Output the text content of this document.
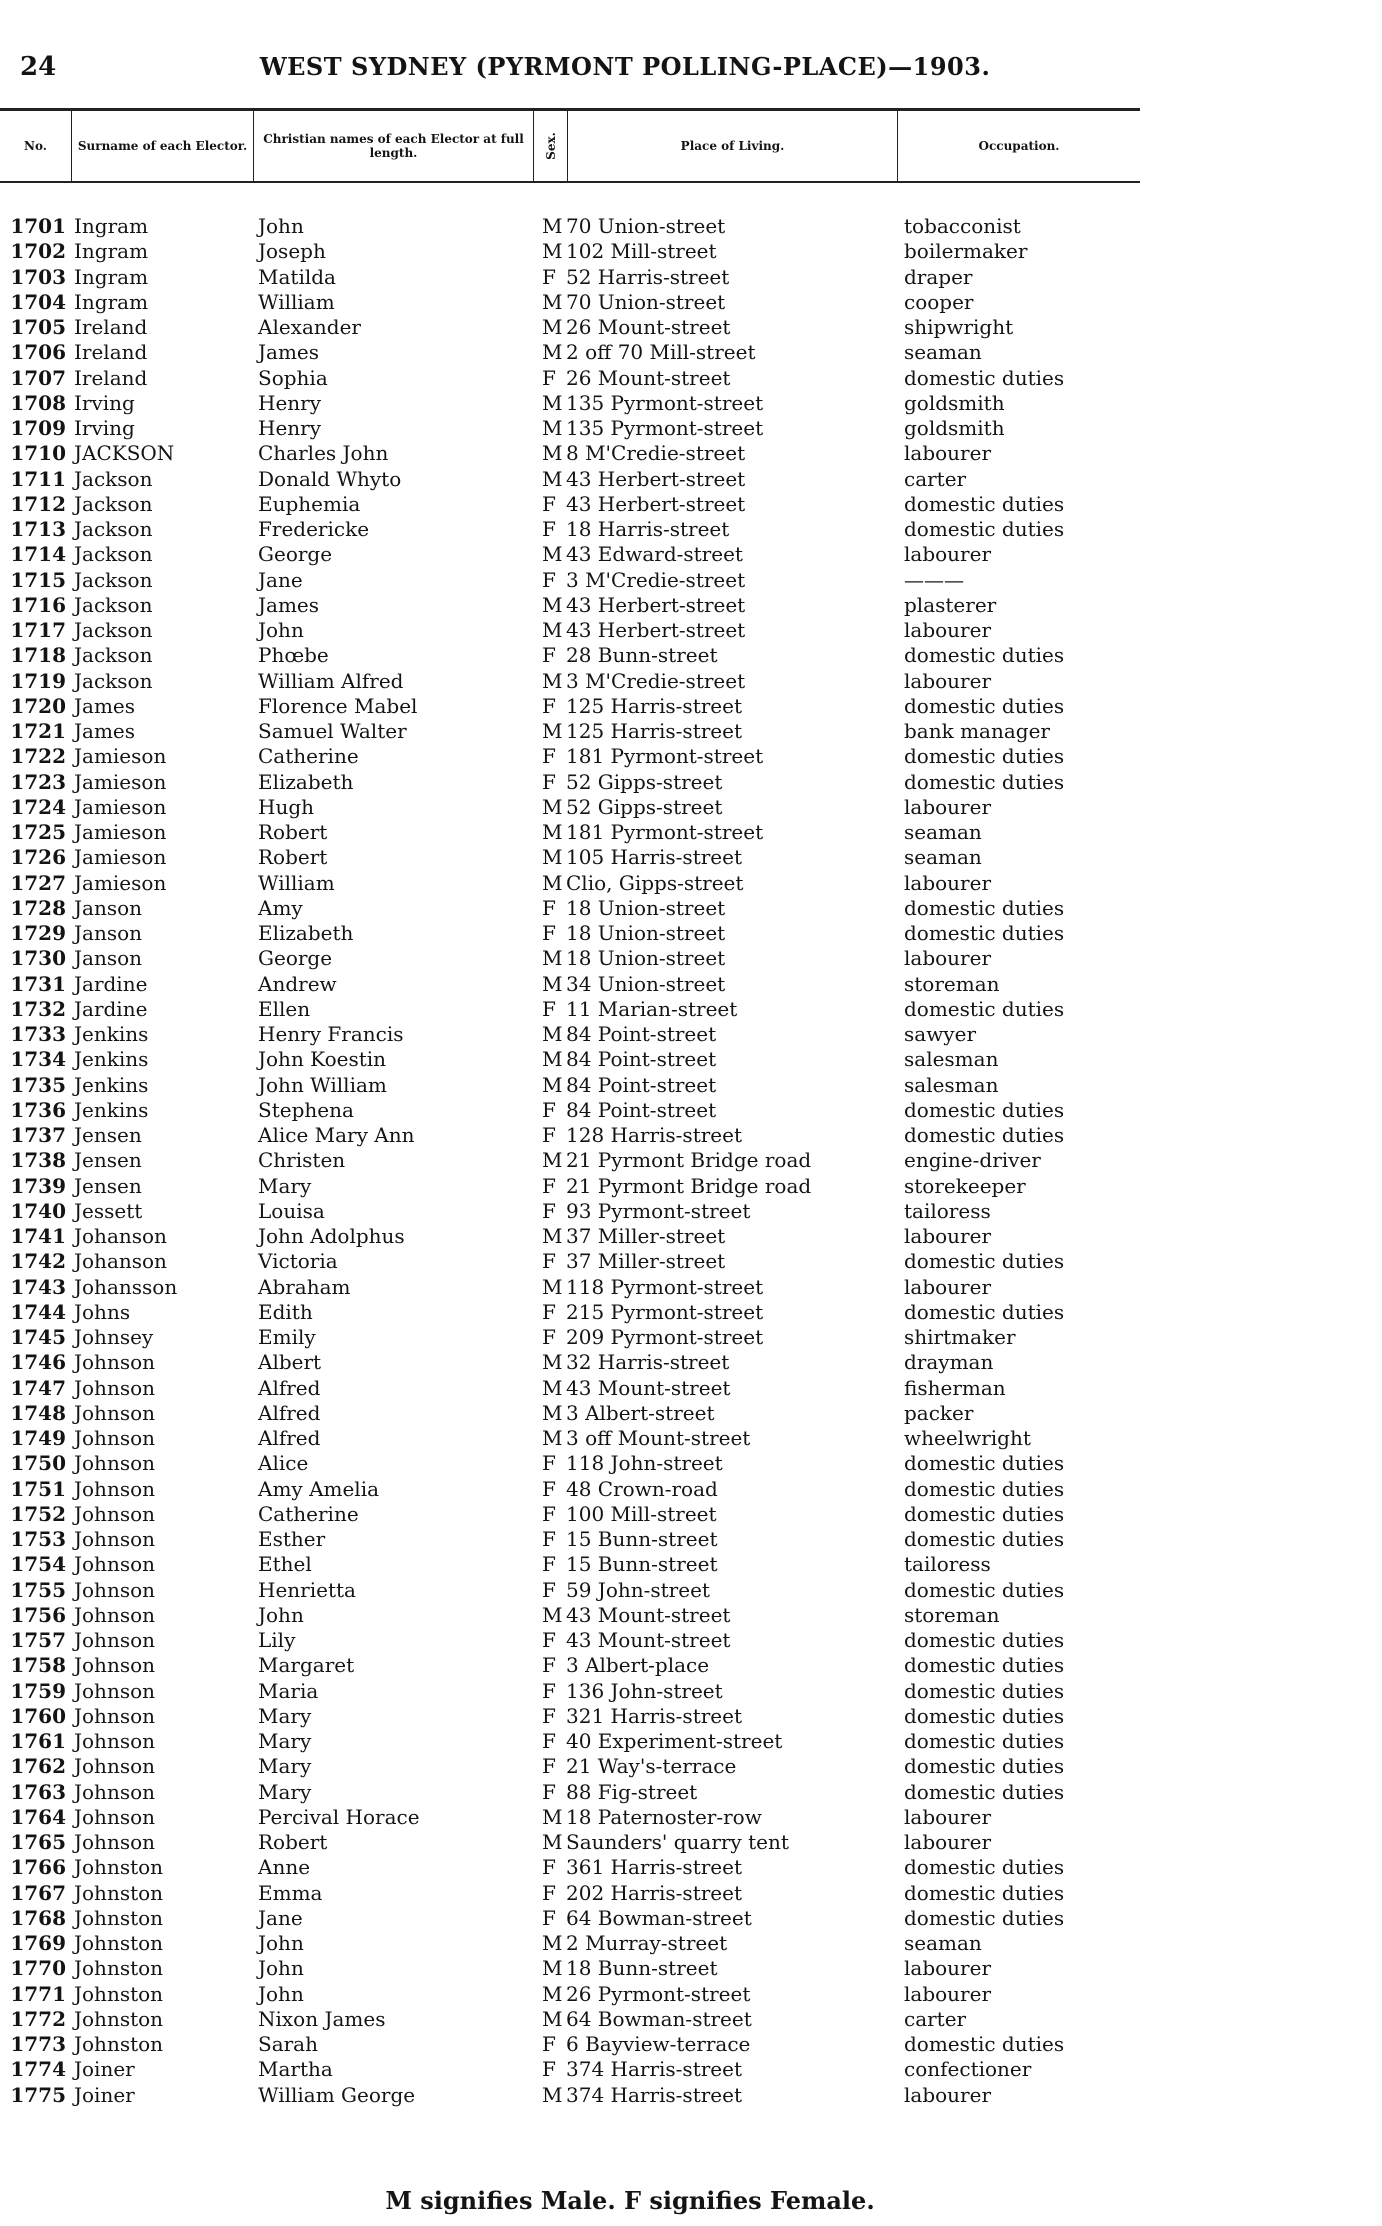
24	WEST SYDNEY (PYRMONT POLLING-PLACE)—1903.
No.	Surname of each Elector.	Christian names of each Elector at full length.	Sex.	Place of Living.	Occupation.
1701 Ingram	John	M 70 Union-street	tobacconist
1702 Ingram	Joseph	M 102 Mill-street	boilermaker
1703 Ingram	Matilda	F 52 Harris-street	draper
1704 Ingram	William	M 70 Union-street	cooper
1705 Ireland	Alexander	M 26 Mount-street	shipwright
1706 Ireland	James	M 2 off 70 Mill-street	seaman
1707 Ireland	Sophia	F 26 Mount-street	domestic duties
1708 Irving	Henry	M 135 Pyrmont-street	goldsmith
1709 Irving	Henry	M 135 Pyrmont-street	goldsmith
1710 JACKSON	Charles John	M 8 M'Credie-street	labourer
1711 Jackson	Donald Whyto	M 43 Herbert-street	carter
1712 Jackson	Euphemia	F 43 Herbert-street	domestic duties
1713 Jackson	Fredericke	F 18 Harris-street	domestic duties
1714 Jackson	George	M 43 Edward-street	labourer
1715 Jackson	Jane	F 3 M'Credie-street	———
1716 Jackson	James	M 43 Herbert-street	plasterer
1717 Jackson	John	M 43 Herbert-street	labourer
1718 Jackson	Phœbe	F 28 Bunn-street	domestic duties
1719 Jackson	William Alfred	M 3 M'Credie-street	labourer
1720 James	Florence Mabel	F 125 Harris-street	domestic duties
1721 James	Samuel Walter	M 125 Harris-street	bank manager
1722 Jamieson	Catherine	F 181 Pyrmont-street	domestic duties
1723 Jamieson	Elizabeth	F 52 Gipps-street	domestic duties
1724 Jamieson	Hugh	M 52 Gipps-street	labourer
1725 Jamieson	Robert	M 181 Pyrmont-street	seaman
1726 Jamieson	Robert	M 105 Harris-street	seaman
1727 Jamieson	William	M Clio, Gipps-street	labourer
1728 Janson	Amy	F 18 Union-street	domestic duties
1729 Janson	Elizabeth	F 18 Union-street	domestic duties
1730 Janson	George	M 18 Union-street	labourer
1731 Jardine	Andrew	M 34 Union-street	storeman
1732 Jardine	Ellen	F 11 Marian-street	domestic duties
1733 Jenkins	Henry Francis	M 84 Point-street	sawyer
1734 Jenkins	John Koestin	M 84 Point-street	salesman
1735 Jenkins	John William	M 84 Point-street	salesman
1736 Jenkins	Stephena	F 84 Point-street	domestic duties
1737 Jensen	Alice Mary Ann	F 128 Harris-street	domestic duties
1738 Jensen	Christen	M 21 Pyrmont Bridge road	engine-driver
1739 Jensen	Mary	F 21 Pyrmont Bridge road	storekeeper
1740 Jessett	Louisa	F 93 Pyrmont-street	tailoress
1741 Johanson	John Adolphus	M 37 Miller-street	labourer
1742 Johanson	Victoria	F 37 Miller-street	domestic duties
1743 Johansson	Abraham	M 118 Pyrmont-street	labourer
1744 Johns	Edith	F 215 Pyrmont-street	domestic duties
1745 Johnsey	Emily	F 209 Pyrmont-street	shirtmaker
1746 Johnson	Albert	M 32 Harris-street	drayman
1747 Johnson	Alfred	M 43 Mount-street	fisherman
1748 Johnson	Alfred	M 3 Albert-street	packer
1749 Johnson	Alfred	M 3 off Mount-street	wheelwright
1750 Johnson	Alice	F 118 John-street	domestic duties
1751 Johnson	Amy Amelia	F 48 Crown-road	domestic duties
1752 Johnson	Catherine	F 100 Mill-street	domestic duties
1753 Johnson	Esther	F 15 Bunn-street	domestic duties
1754 Johnson	Ethel	F 15 Bunn-street	tailoress
1755 Johnson	Henrietta	F 59 John-street	domestic duties
1756 Johnson	John	M 43 Mount-street	storeman
1757 Johnson	Lily	F 43 Mount-street	domestic duties
1758 Johnson	Margaret	F 3 Albert-place	domestic duties
1759 Johnson	Maria	F 136 John-street	domestic duties
1760 Johnson	Mary	F 321 Harris-street	domestic duties
1761 Johnson	Mary	F 40 Experiment-street	domestic duties
1762 Johnson	Mary	F 21 Way's-terrace	domestic duties
1763 Johnson	Mary	F 88 Fig-street	domestic duties
1764 Johnson	Percival Horace	M 18 Paternoster-row	labourer
1765 Johnson	Robert	M Saunders' quarry tent	labourer
1766 Johnston	Anne	F 361 Harris-street	domestic duties
1767 Johnston	Emma	F 202 Harris-street	domestic duties
1768 Johnston	Jane	F 64 Bowman-street	domestic duties
1769 Johnston	John	M 2 Murray-street	seaman
1770 Johnston	John	M 18 Bunn-street	labourer
1771 Johnston	John	M 26 Pyrmont-street	labourer
1772 Johnston	Nixon James	M 64 Bowman-street	carter
1773 Johnston	Sarah	F 6 Bayview-terrace	domestic duties
1774 Joiner	Martha	F 374 Harris-street	confectioner
1775 Joiner	William George	M 374 Harris-street	labourer
M signifies Male. F signifies Female.
